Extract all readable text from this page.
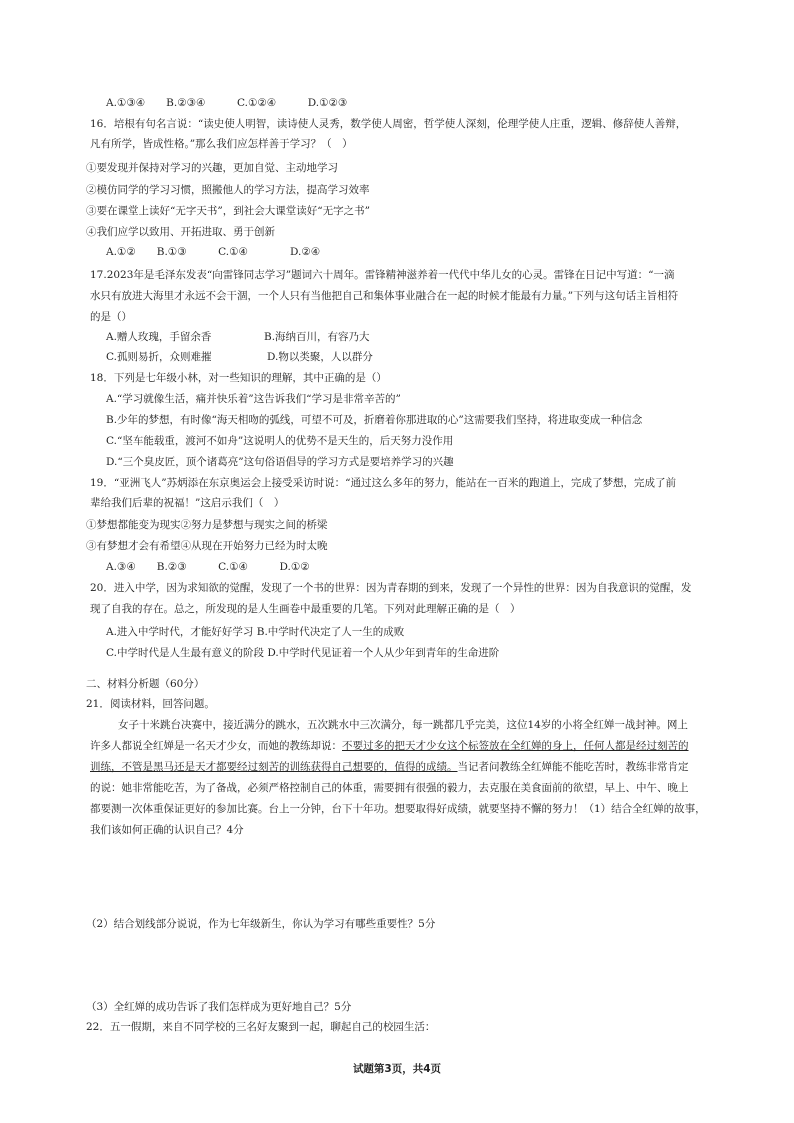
A.①③④　　B.②③④　　　C.①②④　　　D.①②③
16．培根有句名言说：“读史使人明智，读诗使人灵秀，数学使人周密，哲学使人深刻，伦理学使人庄重，逻辑、修辞使人善辩，
凡有所学，皆成性格。”那么我们应怎样善于学习？（　）
①要发现并保持对学习的兴趣，更加自觉、主动地学习
②模仿同学的学习习惯，照搬他人的学习方法，提高学习效率
③要在课堂上读好“无字天书”，到社会大课堂读好“无字之书”
④我们应学以致用、开拓进取、勇于创新
A.①②　　B.①③　　　C.①④　　　　D.②④
17.2023年是毛泽东发表“向雷锋同志学习”题词六十周年。雷锋精神滋养着一代代中华儿女的心灵。雷锋在日记中写道：“一滴
水只有放进大海里才永远不会干涸，一个人只有当他把自己和集体事业融合在一起的时候才能最有力量。”下列与这句话主旨相符
的是（）
A.赠人玫瑰，手留余香	B.海纳百川，有容乃大
C.孤则易折，众则难摧	D.物以类聚，人以群分
18．下列是七年级小林，对一些知识的理解，其中正确的是（）
A.“学习就像生活，痛并快乐着”这告诉我们“学习是非常辛苦的”
B.少年的梦想，有时像“海天相吻的弧线，可望不可及，折磨着你那进取的心”这需要我们坚持，将进取变成一种信念
C.“坚车能载重，渡河不如舟”这说明人的优势不是天生的，后天努力没作用
D.“三个臭皮匠，顶个诸葛亮”这句俗语倡导的学习方式是要培养学习的兴趣
19．“亚洲飞人”苏炳添在东京奥运会上接受采访时说：“通过这么多年的努力，能站在一百米的跑道上，完成了梦想，完成了前
辈给我们后辈的祝福！”这启示我们（　）
①梦想都能变为现实②努力是梦想与现实之间的桥梁
③有梦想才会有希望④从现在开始努力已经为时太晚
A.③④　　B.②③　　　C.①④　　　D.①②
20．进入中学，因为求知欲的觉醒，发现了一个书的世界：因为青春期的到来，发现了一个异性的世界：因为自我意识的觉醒，发
现了自我的存在。总之，所发现的是人生画卷中最重要的几笔。下列对此理解正确的是（　）
A.进入中学时代，才能好好学习 B.中学时代决定了人一生的成败
C.中学时代是人生最有意义的阶段 D.中学时代见证着一个人从少年到青年的生命进阶
二、材料分析题（60分）
21．阅读材料，回答问题。
女子十米跳台决赛中，接近满分的跳水，五次跳水中三次满分，每一跳都几乎完美，这位14岁的小将全红婵一战封神。网上
许多人都说全红婵是一名天才少女，而她的教练却说：不要过多的把天才少女这个标签放在全红婵的身上，任何人都是经过刻苦的
训练，不管是黑马还是天才都要经过刻苦的训练获得自己想要的，值得的成绩。当记者问教练全红婵能不能吃苦时，教练非常肯定
的说：她非常能吃苦，为了备战，必须严格控制自己的体重，需要拥有很强的毅力，去克服在美食面前的欲望，早上、中午、晚上
都要测一次体重保证更好的参加比赛。台上一分钟，台下十年功。想要取得好成绩，就要坚持不懈的努力！（1）结合全红婵的故事，
我们该如何正确的认识自己？4分
（2）结合划线部分说说，作为七年级新生，你认为学习有哪些重要性？5分
（3）全红婵的成功告诉了我们怎样成为更好地自己？5分
22．五一假期，来自不同学校的三名好友聚到一起，聊起自己的校园生活：
试题第3页，共4页
